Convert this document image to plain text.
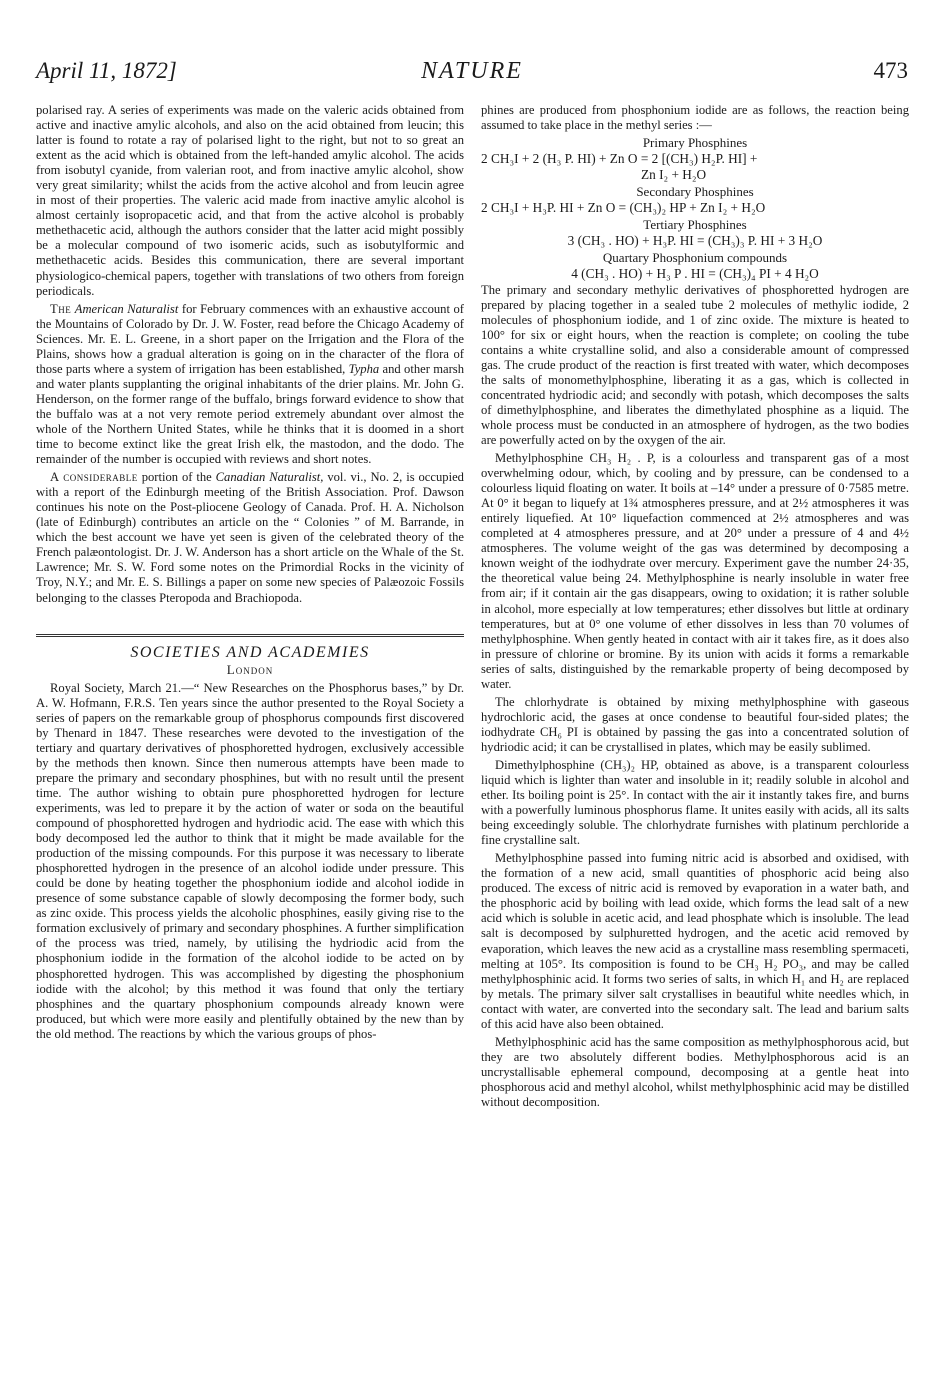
April 11, 1872]	NATURE	473

polarised ray. A series of experiments was made on the valeric acids obtained from active and inactive amylic alcohols, and also on the acid obtained from leucin; this latter is found to rotate a ray of polarised light to the right, but not to so great an extent as the acid which is obtained from the left-handed amylic alcohol. The acids from isobutyl cyanide, from valerian root, and from inactive amylic alcohol, show very great similarity; whilst the acids from the active alcohol and from leucin agree in most of their properties. The valeric acid made from inactive amylic alcohol is almost certainly isopropacetic acid, and that from the active alcohol is probably methethacetic acid, although the authors consider that the latter acid might possibly be a molecular compound of two isomeric acids, such as isobutylformic and methethacetic acids. Besides this communication, there are several important physiologico-chemical papers, together with translations of two others from foreign periodicals.

The American Naturalist for February commences with an exhaustive account of the Mountains of Colorado by Dr. J. W. Foster, read before the Chicago Academy of Sciences. Mr. E. L. Greene, in a short paper on the Irrigation and the Flora of the Plains, shows how a gradual alteration is going on in the character of the flora of those parts where a system of irrigation has been established, Typha and other marsh and water plants supplanting the original inhabitants of the drier plains. Mr. John G. Henderson, on the former range of the buffalo, brings forward evidence to show that the buffalo was at a not very remote period extremely abundant over almost the whole of the Northern United States, while he thinks that it is doomed in a short time to become extinct like the great Irish elk, the mastodon, and the dodo. The remainder of the number is occupied with reviews and short notes.

A considerable portion of the Canadian Naturalist, vol. vi., No. 2, is occupied with a report of the Edinburgh meeting of the British Association. Prof. Dawson continues his note on the Post-pliocene Geology of Canada. Prof. H. A. Nicholson (late of Edinburgh) contributes an article on the “ Colonies ” of M. Barrande, in which the best account we have yet seen is given of the celebrated theory of the French palæontologist. Dr. J. W. Anderson has a short article on the Whale of the St. Lawrence; Mr. S. W. Ford some notes on the Primordial Rocks in the vicinity of Troy, N.Y.; and Mr. E. S. Billings a paper on some new species of Palæozoic Fossils belonging to the classes Pteropoda and Brachiopoda.

SOCIETIES AND ACADEMIES
London

Royal Society, March 21.—“ New Researches on the Phosphorus bases,” by Dr. A. W. Hofmann, F.R.S. Ten years since the author presented to the Royal Society a series of papers on the remarkable group of phosphorus compounds first discovered by Thenard in 1847. These researches were devoted to the investigation of the tertiary and quartary derivatives of phosphoretted hydrogen, exclusively accessible by the methods then known. Since then numerous attempts have been made to prepare the primary and secondary phosphines, but with no result until the present time. The author wishing to obtain pure phosphoretted hydrogen for lecture experiments, was led to prepare it by the action of water or soda on the beautiful compound of phosphoretted hydrogen and hydriodic acid. The ease with which this body decomposed led the author to think that it might be made available for the production of the missing compounds. For this purpose it was necessary to liberate phosphoretted hydrogen in the presence of an alcohol iodide under pressure. This could be done by heating together the phosphonium iodide and alcohol iodide in presence of some substance capable of slowly decomposing the former body, such as zinc oxide. This process yields the alcoholic phosphines, easily giving rise to the formation exclusively of primary and secondary phosphines. A further simplification of the process was tried, namely, by utilising the hydriodic acid from the phosphonium iodide in the formation of the alcohol iodide to be acted on by phosphoretted hydrogen. This was accomplished by digesting the phosphonium iodide with the alcohol; by this method it was found that only the tertiary phosphines and the quartary phosphonium compounds already known were produced, but which were more easily and plentifully obtained by the new than by the old method. The reactions by which the various groups of phos-

phines are produced from phosphonium iodide are as follows, the reaction being assumed to take place in the methyl series :—

Primary Phosphines
2 CH₃I + 2 (H₃ P. HI) + Zn O = 2 [(CH₃) H₂P. HI] +
Zn I₂ + H₂O
Secondary Phosphines
2 CH₃I + H₃P. HI + Zn O = (CH₃)₂ HP + Zn I₂ + H₂O
Tertiary Phosphines
3 (CH₃ . HO) + H₃P. HI = (CH₃)₃ P. HI + 3 H₂O
Quartary Phosphonium compounds
4 (CH₃ . HO) + H₃ P . HI = (CH₃)₄ PI + 4 H₂O

The primary and secondary methylic derivatives of phosphoretted hydrogen are prepared by placing together in a sealed tube 2 molecules of methylic iodide, 2 molecules of phosphonium iodide, and 1 of zinc oxide. The mixture is heated to 100° for six or eight hours, when the reaction is complete; on cooling the tube contains a white crystalline solid, and also a considerable amount of compressed gas. The crude product of the reaction is first treated with water, which decomposes the salts of monomethylphosphine, liberating it as a gas, which is collected in concentrated hydriodic acid; and secondly with potash, which decomposes the salts of dimethylphosphine, and liberates the dimethylated phosphine as a liquid. The whole process must be conducted in an atmosphere of hydrogen, as the two bodies are powerfully acted on by the oxygen of the air.

Methylphosphine CH₃ H₂ . P, is a colourless and transparent gas of a most overwhelming odour, which, by cooling and by pressure, can be condensed to a colourless liquid floating on water. It boils at –14° under a pressure of 0·7585 metre. At 0° it began to liquefy at 1¾ atmospheres pressure, and at 2½ atmospheres it was entirely liquefied. At 10° liquefaction commenced at 2½ atmospheres and was completed at 4 atmospheres pressure, and at 20° under a pressure of 4 and 4½ atmospheres. The volume weight of the gas was determined by decomposing a known weight of the iodhydrate over mercury. Experiment gave the number 24·35, the theoretical value being 24. Methylphosphine is nearly insoluble in water free from air; if it contain air the gas disappears, owing to oxidation; it is rather soluble in alcohol, more especially at low temperatures; ether dissolves but little at ordinary temperatures, but at 0° one volume of ether dissolves in less than 70 volumes of methylphosphine. When gently heated in contact with air it takes fire, as it does also in pressure of chlorine or bromine. By its union with acids it forms a remarkable series of salts, distinguished by the remarkable property of being decomposed by water.

The chlorhydrate is obtained by mixing methylphosphine with gaseous hydrochloric acid, the gases at once condense to beautiful four-sided plates; the iodhydrate CH₆ PI is obtained by passing the gas into a concentrated solution of hydriodic acid; it can be crystallised in plates, which may be easily sublimed.

Dimethylphosphine (CH₃)₂ HP, obtained as above, is a transparent colourless liquid which is lighter than water and insoluble in it; readily soluble in alcohol and ether. Its boiling point is 25°. In contact with the air it instantly takes fire, and burns with a powerfully luminous phosphorus flame. It unites easily with acids, all its salts being exceedingly soluble. The chlorhydrate furnishes with platinum perchloride a fine crystalline salt.

Methylphosphine passed into fuming nitric acid is absorbed and oxidised, with the formation of a new acid, small quantities of phosphoric acid being also produced. The excess of nitric acid is removed by evaporation in a water bath, and the phosphoric acid by boiling with lead oxide, which forms the lead salt of a new acid which is soluble in acetic acid, and lead phosphate which is insoluble. The lead salt is decomposed by sulphuretted hydrogen, and the acetic acid removed by evaporation, which leaves the new acid as a crystalline mass resembling spermaceti, melting at 105°. Its composition is found to be CH₃ H₂ PO₃, and may be called methylphosphinic acid. It forms two series of salts, in which H₁ and H₂ are replaced by metals. The primary silver salt crystallises in beautiful white needles which, in contact with water, are converted into the secondary salt. The lead and barium salts of this acid have also been obtained.

Methylphosphinic acid has the same composition as methylphosphorous acid, but they are two absolutely different bodies. Methylphosphorous acid is an uncrystallisable ephemeral compound, decomposing at a gentle heat into phosphorous acid and methyl alcohol, whilst methylphosphinic acid may be distilled without decomposition.
